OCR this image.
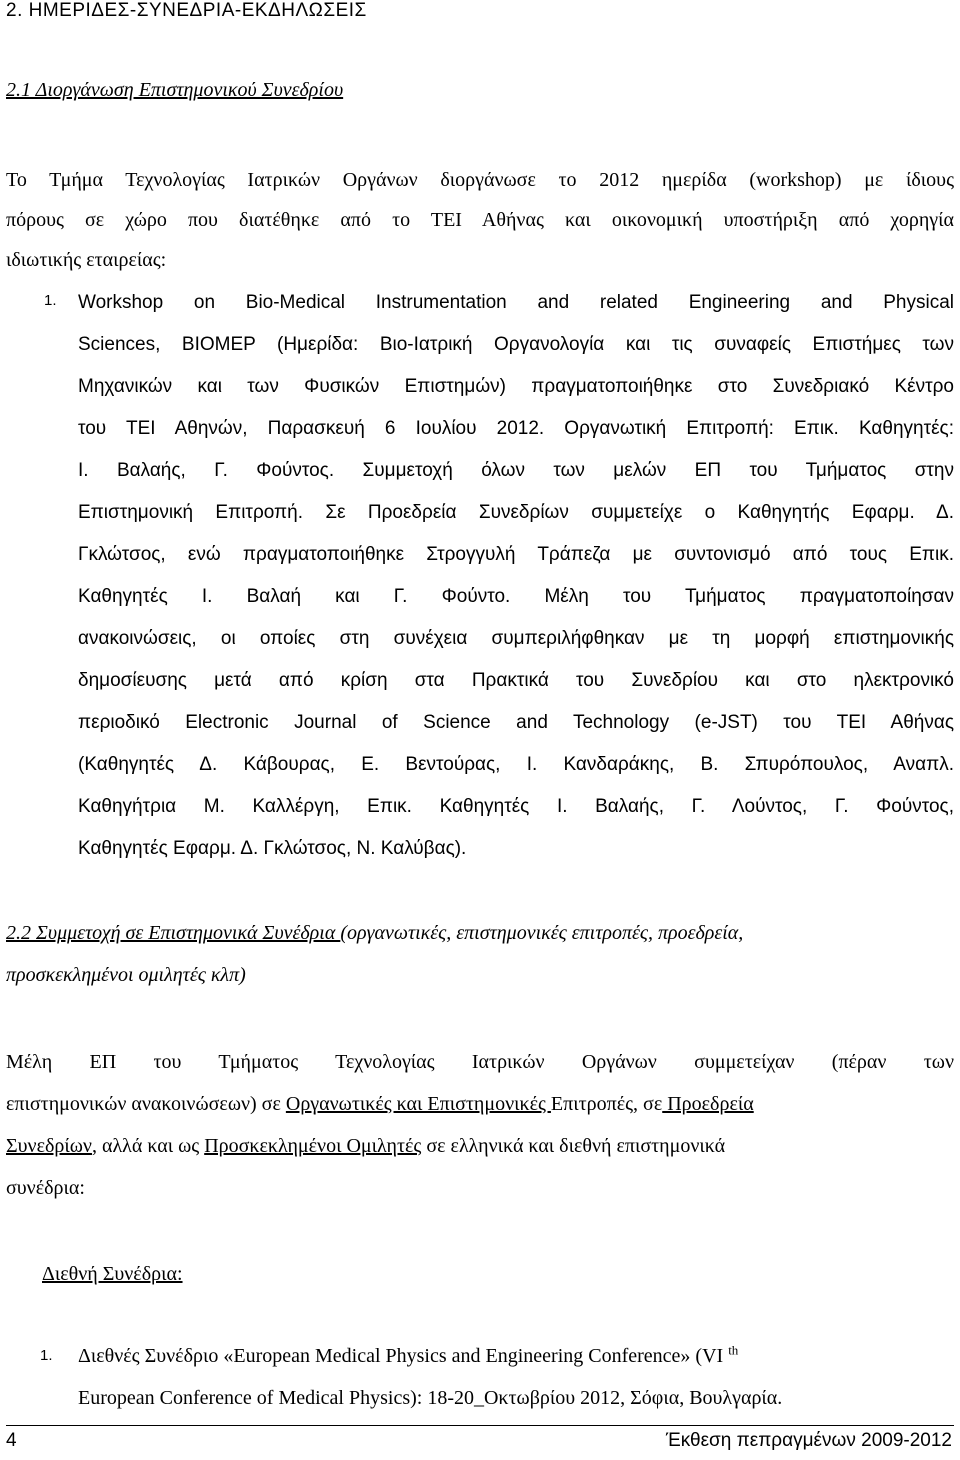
2. ΗΜΕΡΙΔΕΣ-ΣΥΝΕΔΡΙΑ-ΕΚΔΗΛΩΣΕΙΣ
2.1 Διοργάνωση Επιστημονικού Συνεδρίου
Το Τμήμα Τεχνολογίας Ιατρικών Οργάνων διοργάνωσε το 2012 ημερίδα (workshop) με ίδιους
πόρους σε χώρο που διατέθηκε από το ΤΕΙ Αθήνας και οικονομική υποστήριξη από χορηγία
ιδιωτικής εταιρείας:
1. Workshop on Bio-Medical Instrumentation and related Engineering and Physical
Sciences, BIOMEP (Ημερίδα: Βιο-Ιατρική Οργανολογία και τις συναφείς Επιστήμες των
Μηχανικών και των Φυσικών Επιστημών) πραγματοποιήθηκε στο Συνεδριακό Κέντρο
του ΤΕΙ Αθηνών, Παρασκευή 6 Ιουλίου 2012. Οργανωτική Επιτροπή: Επικ. Καθηγητές:
Ι. Βαλαής, Γ. Φούντος. Συμμετοχή όλων των μελών ΕΠ του Τμήματος στην
Επιστημονική Επιτροπή. Σε Προεδρεία Συνεδρίων συμμετείχε ο Καθηγητής Εφαρμ. Δ.
Γκλώτσος, ενώ πραγματοποιήθηκε Στρογγυλή Τράπεζα με συντονισμό από τους Επικ.
Καθηγητές Ι. Βαλαή και Γ. Φούντο. Μέλη του Τμήματος πραγματοποίησαν
ανακοινώσεις, οι οποίες στη συνέχεια συμπεριλήφθηκαν με τη μορφή επιστημονικής
δημοσίευσης μετά από κρίση στα Πρακτικά του Συνεδρίου και στο ηλεκτρονικό
περιοδικό Electronic Journal of Science and Technology (e-JST) του ΤΕΙ Αθήνας
(Καθηγητές Δ. Κάβουρας, Ε. Βεντούρας, Ι. Κανδαράκης, Β. Σπυρόπουλος, Αναπλ.
Καθηγήτρια Μ. Καλλέργη, Επικ. Καθηγητές Ι. Βαλαής, Γ. Λούντος, Γ. Φούντος,
Καθηγητές Εφαρμ. Δ. Γκλώτσος, Ν. Καλύβας).
2.2 Συμμετοχή σε Επιστημονικά Συνέδρια (οργανωτικές, επιστημονικές επιτροπές, προεδρεία,
προσκεκλημένοι ομιλητές κλπ)
Μέλη ΕΠ του Τμήματος Τεχνολογίας Ιατρικών Οργάνων συμμετείχαν (πέραν των
επιστημονικών ανακοινώσεων) σε Οργανωτικές και Επιστημονικές Επιτροπές, σε Προεδρεία
Συνεδρίων, αλλά και ως Προσκεκλημένοι Ομιλητές σε ελληνικά και διεθνή επιστημονικά
συνέδρια:
Διεθνή Συνέδρια:
1. Διεθνές Συνέδριο «European Medical Physics and Engineering Conference» (VI $^{th}$
European Conference of Medical Physics): 18-20_Οκτωβρίου 2012, Σόφια, Βουλγαρία.
4	Έκθεση πεπραγμένων 2009-2012
